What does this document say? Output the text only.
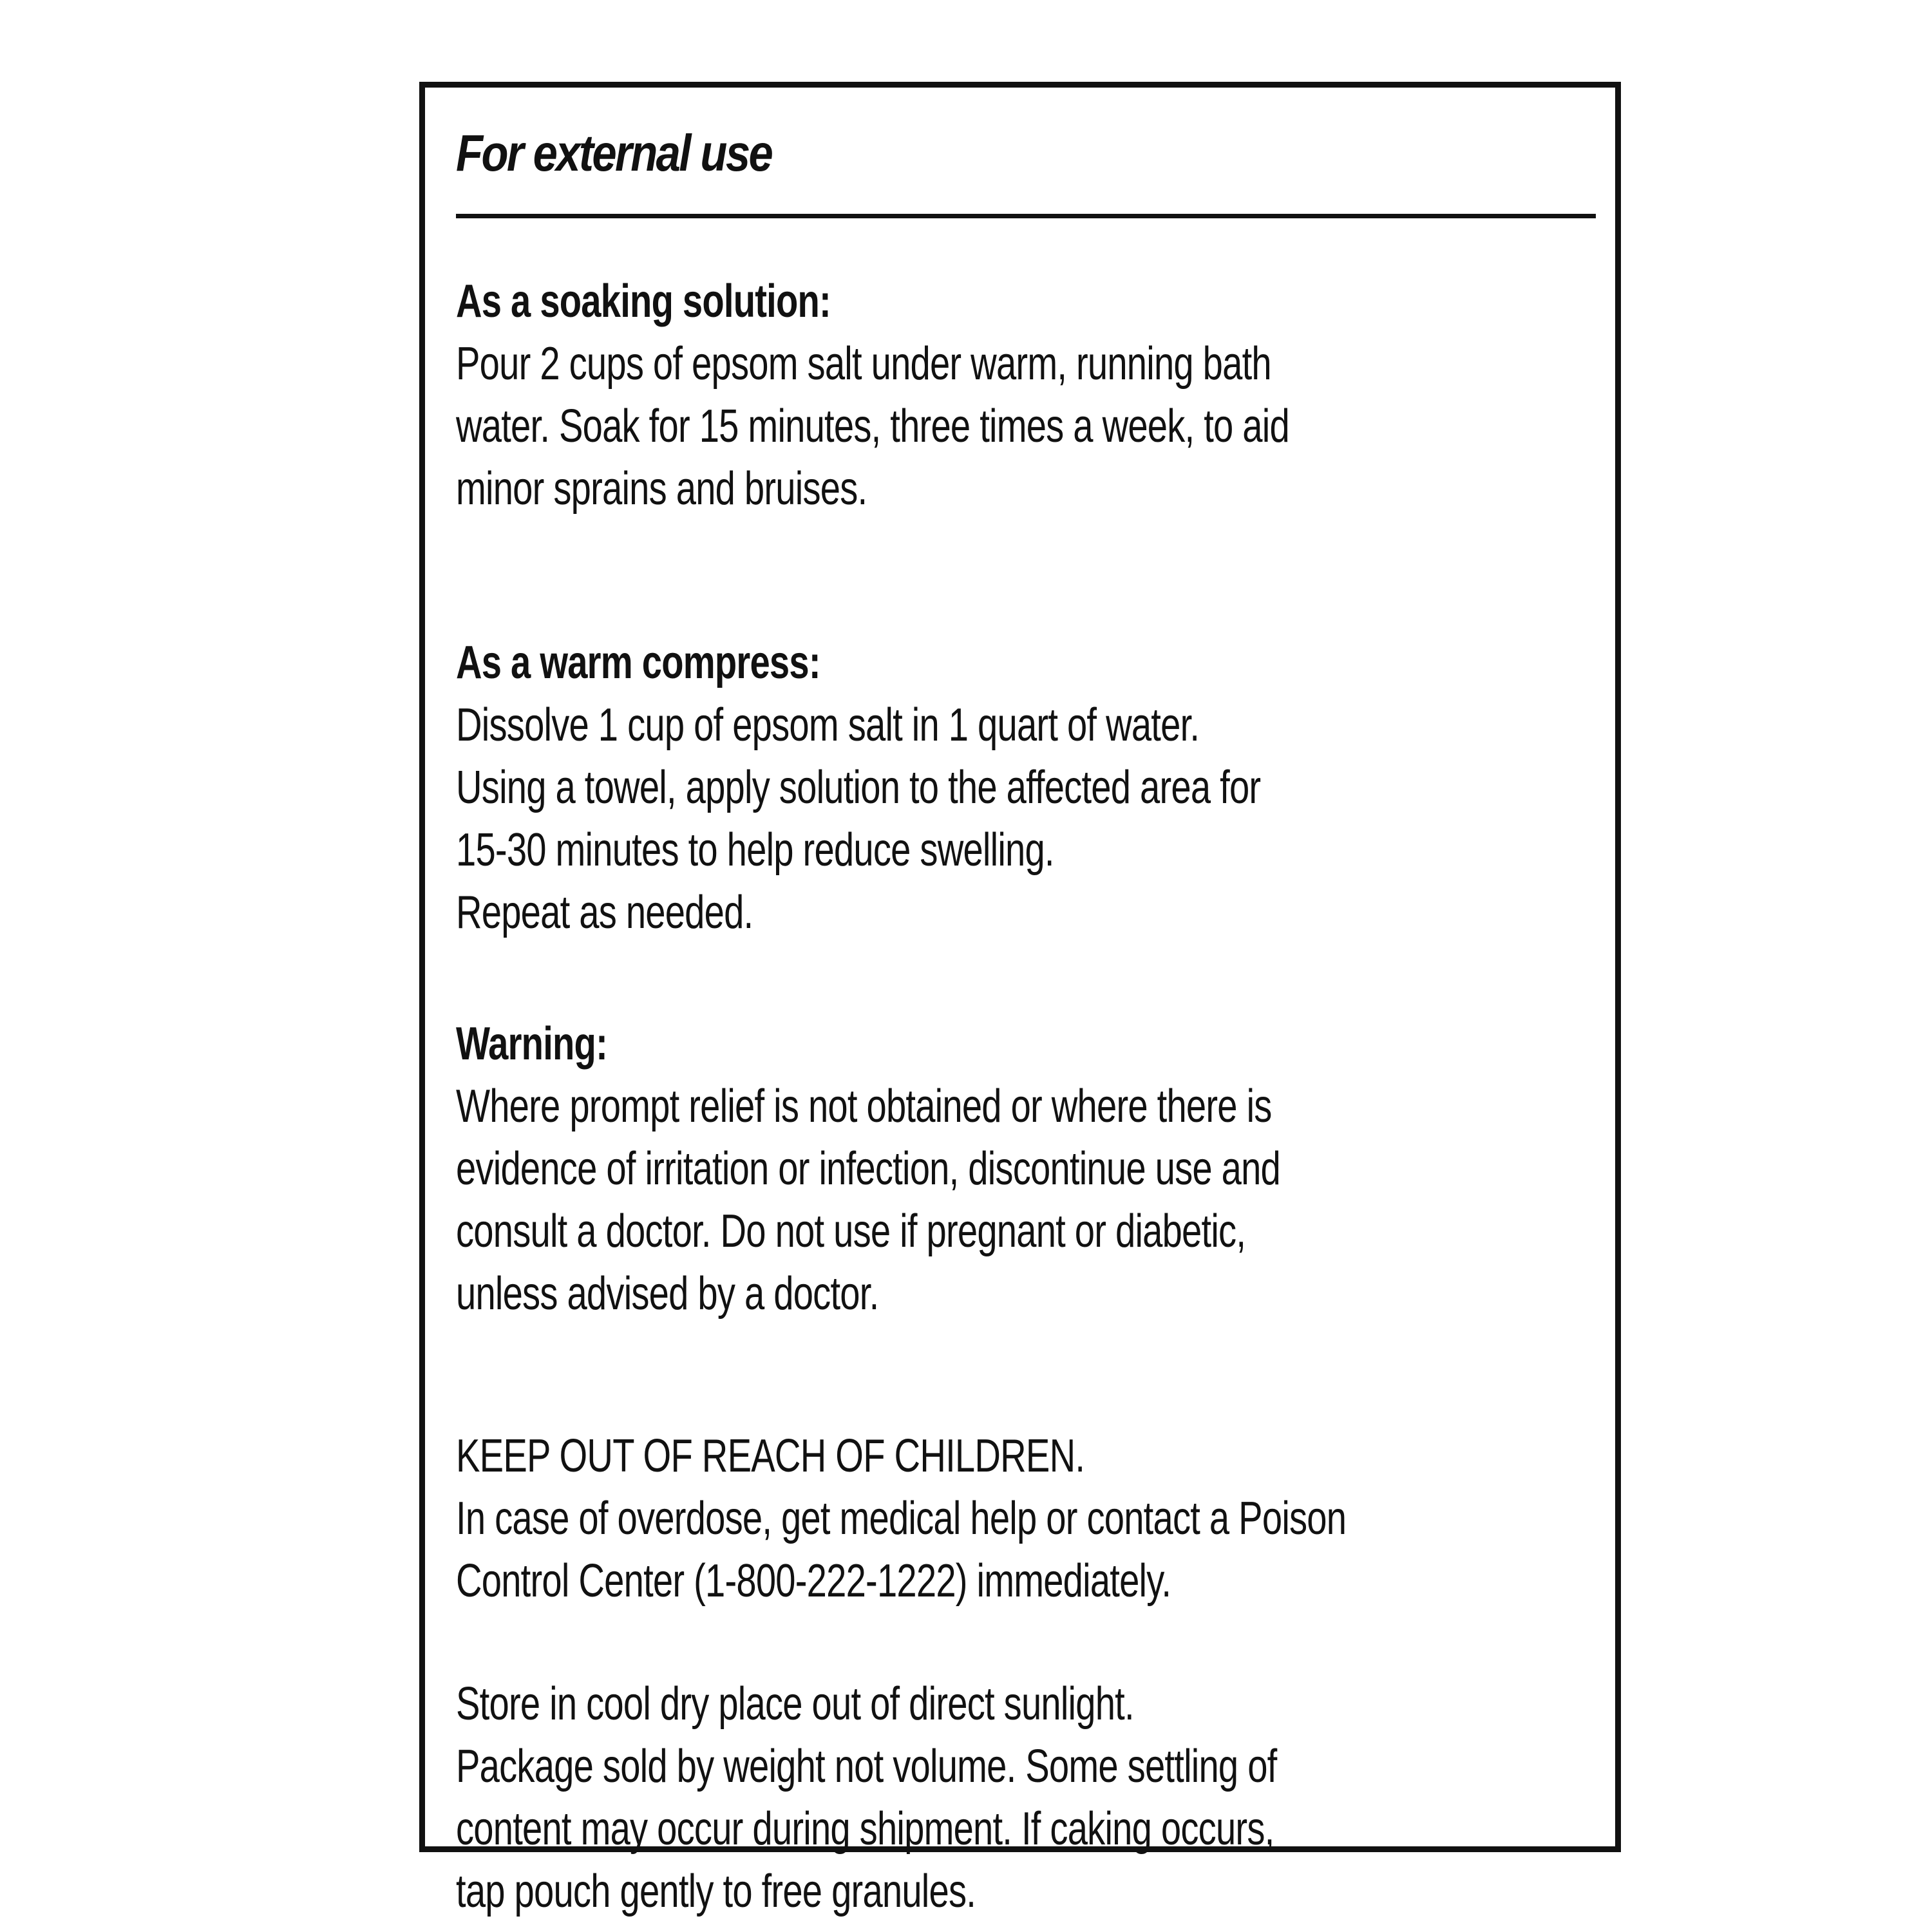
For external use
As a soaking solution:
Pour 2 cups of epsom salt under warm, running bath
water. Soak for 15 minutes, three times a week, to aid
minor sprains and bruises.
As a warm compress:
Dissolve 1 cup of epsom salt in 1 quart of water.
Using a towel, apply solution to the affected area for
15-30 minutes to help reduce swelling.
Repeat as needed.
Warning:
Where prompt relief is not obtained or where there is
evidence of irritation or infection, discontinue use and
consult a doctor. Do not use if pregnant or diabetic,
unless advised by a doctor.
KEEP OUT OF REACH OF CHILDREN.
In case of overdose, get medical help or contact a Poison
Control Center (1-800-222-1222) immediately.
Store in cool dry place out of direct sunlight.
Package sold by weight not volume. Some settling of
content may occur during shipment. If caking occurs,
tap pouch gently to free granules.
